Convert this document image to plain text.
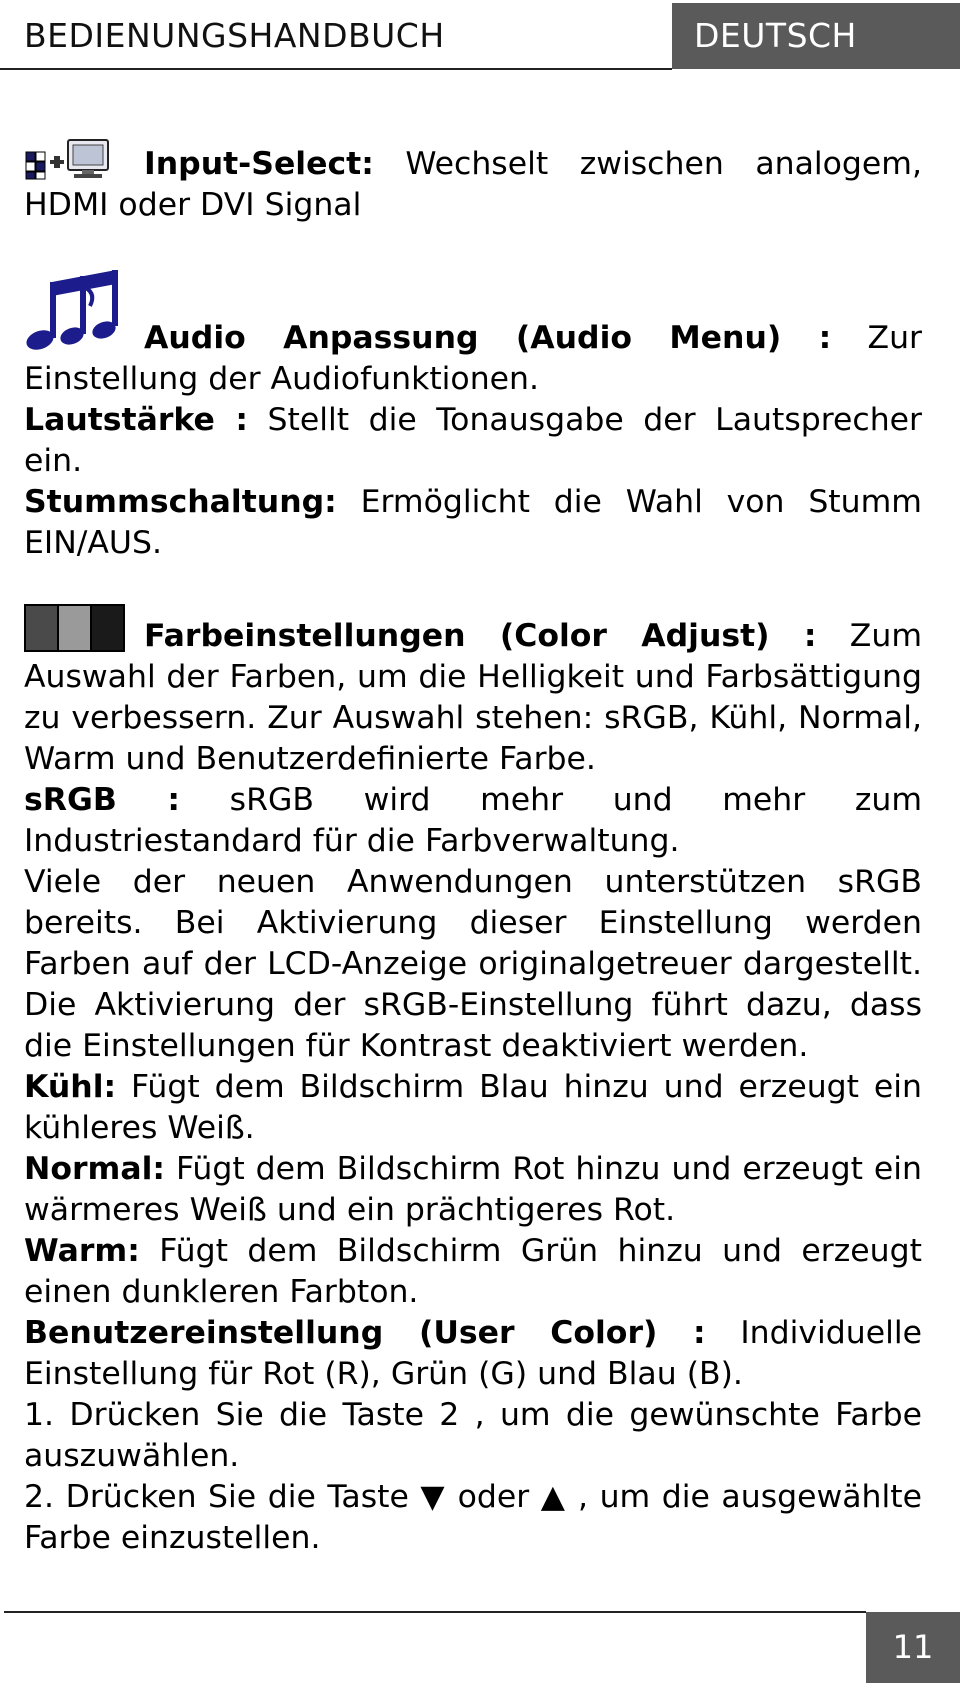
BEDIENUNGSHANDBUCH	DEUTSCH

Input-Select: Wechselt zwischen analogem, HDMI oder DVI Signal

Audio Anpassung (Audio Menu) : Zur Einstellung der Audiofunktionen.

Lautstärke : Stellt die Tonausgabe der Lautsprecher ein.

Stummschaltung: Ermöglicht die Wahl von Stumm EIN/AUS.

Farbeinstellungen (Color Adjust) : Zum Auswahl der Farben, um die Helligkeit und Farbsättigung zu verbessern. Zur Auswahl stehen: sRGB, Kühl, Normal, Warm und Benutzerdefinierte Farbe.

sRGB : sRGB wird mehr und mehr zum Industriestandard für die Farbverwaltung.

Viele der neuen Anwendungen unterstützen sRGB bereits. Bei Aktivierung dieser Einstellung werden Farben auf der LCD-Anzeige originalgetreuer dargestellt. Die Aktivierung der sRGB-Einstellung führt dazu, dass die Einstellungen für Kontrast deaktiviert werden.

Kühl: Fügt dem Bildschirm Blau hinzu und erzeugt ein kühleres Weiß.

Normal: Fügt dem Bildschirm Rot hinzu und erzeugt ein wärmeres Weiß und ein prächtigeres Rot.

Warm: Fügt dem Bildschirm Grün hinzu und erzeugt einen dunkleren Farbton.

Benutzereinstellung (User Color) : Individuelle Einstellung für Rot (R), Grün (G) und Blau (B).

1. Drücken Sie die Taste 2 , um die gewünschte Farbe auszuwählen.

2. Drücken Sie die Taste ▼ oder ▲ , um die ausgewählte Farbe einzustellen.

11
